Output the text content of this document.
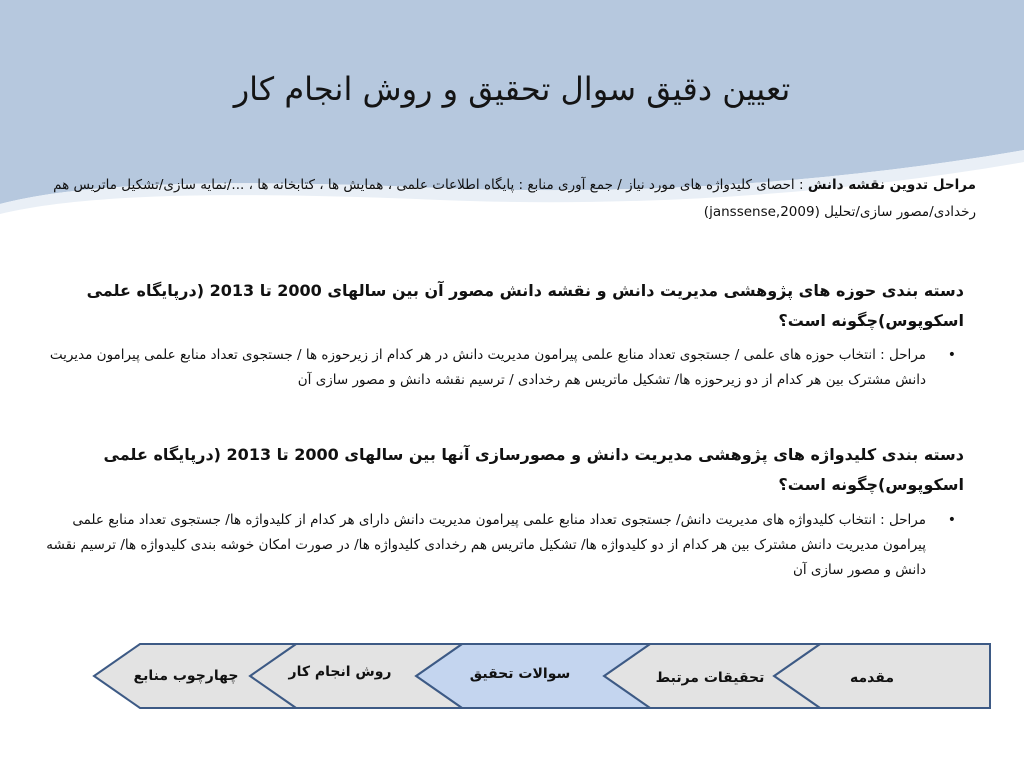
تعیین دقیق سوال تحقیق و روش انجام کار
مراحل تدوین نقشه دانش : احصای کلیدواژه های مورد نیاز / جمع آوری منابع : پایگاه اطلاعات علمی ، همایش ها ، کتابخانه ها ، .../نمایه سازی/تشکیل ماتریس هم رخدادی/مصور سازی/تحلیل (janssense,2009)
دسته بندی حوزه های پژوهشی مدیریت دانش و نقشه دانش مصور آن بین سالهای 2000 تا 2013 (درپایگاه علمی اسکوپوس)چگونه است؟
•
مراحل : انتخاب حوزه های علمی / جستجوی تعداد منابع علمی پیرامون مدیریت دانش در هر کدام از زیرحوزه ها / جستجوی تعداد منابع علمی پیرامون مدیریت دانش مشترک بین هر کدام از دو زیرحوزه ها/ تشکیل ماتریس هم رخدادی / ترسیم نقشه دانش و مصور سازی آن
دسته بندی کلیدواژه های پژوهشی مدیریت دانش و مصورسازی آنها بین سالهای 2000 تا 2013 (درپایگاه علمی اسکوپوس)چگونه است؟
•
مراحل : انتخاب کلیدواژه های مدیریت دانش/ جستجوی تعداد منابع علمی پیرامون مدیریت دانش دارای هر کدام از کلیدواژه ها/ جستجوی تعداد منابع علمی پیرامون مدیریت دانش مشترک بین هر کدام از دو کلیدواژه ها/ تشکیل ماتریس هم رخدادی کلیدواژه ها/ در صورت امکان خوشه بندی کلیدواژه ها/ ترسیم نقشه دانش و مصور سازی آن
مقدمه
تحقیقات مرتبط
سوالات تحقیق
روش انجام کار
چهارچوب منابع
